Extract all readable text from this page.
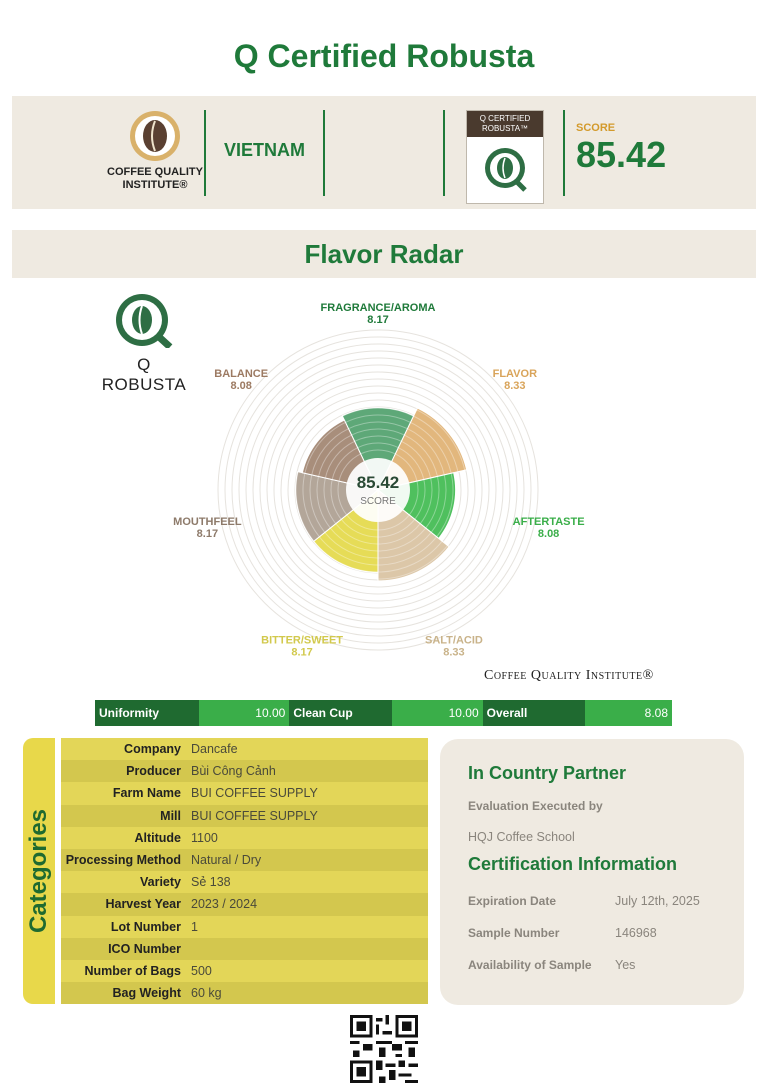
Q Certified Robusta
COFFEE QUALITY
INSTITUTE®
VIETNAM
Q CERTIFIED
ROBUSTA™	SCORE
85.42
Flavor Radar
Q ROBUSTA
85.42
SCORE
FRAGRANCE/AROMA
8.17
FLAVOR
8.33
AFTERTASTE
8.08
SALT/ACID
8.33
BITTER/SWEET
8.17
MOUTHFEEL
8.17
BALANCE
8.08
Coffee Quality Institute®
Uniformity	10.00 Clean Cup	10.00 Overall	8.08
Categories
Company Dancafe
Producer Bùi Công Cảnh
Farm Name BUI COFFEE SUPPLY
Mill BUI COFFEE SUPPLY
Altitude 1100
Processing Method Natural / Dry
Variety Sẻ 138
Harvest Year 2023 / 2024
Lot Number 1
ICO Number
Number of Bags 500
Bag Weight 60 kg
In Country Partner
Evaluation Executed by
HQJ Coffee School
Certification Information
Expiration Date	July 12th, 2025
Sample Number	146968
Availability of Sample Yes
